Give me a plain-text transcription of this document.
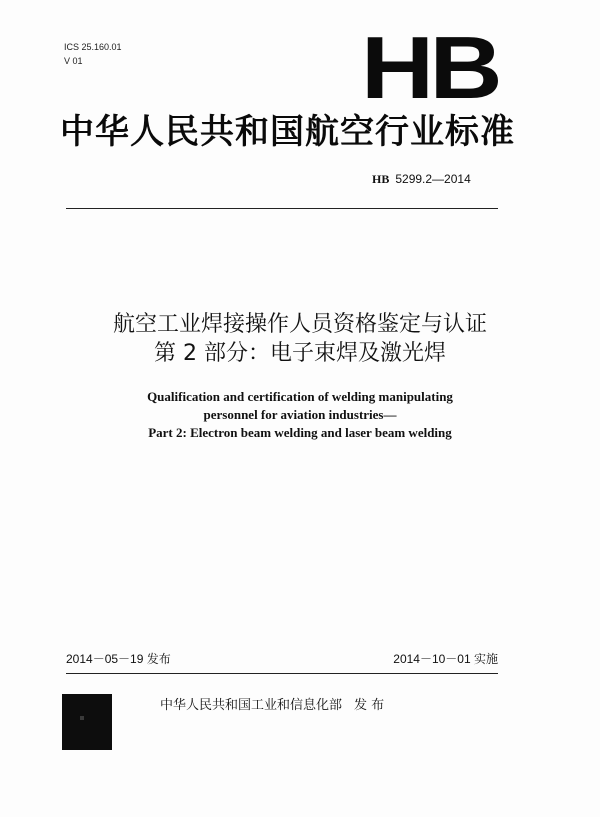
ICS 25.160.01
V 01	HB
中华人民共和国航空行业标准
HB 5299.2—2014
航空工业焊接操作人员资格鉴定与认证
第 2 部分：电子束焊及激光焊
Qualification and certification of welding manipulating
personnel for aviation industries—
Part 2: Electron beam welding and laser beam welding
2014－05－19 发布	2014－10－01 实施
中华人民共和国工业和信息化部 发 布
